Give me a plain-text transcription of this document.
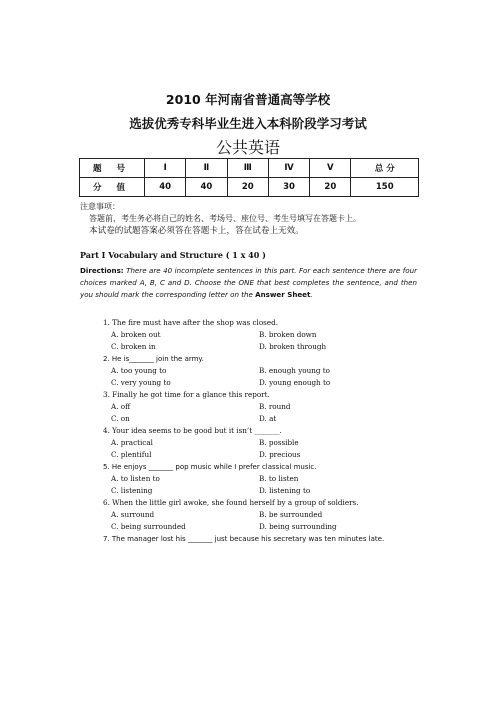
2010 年河南省普通高等学校
选拔优秀专科毕业生进入本科阶段学习考试
公共英语
题 号	Ⅰ	Ⅱ	Ⅲ	Ⅳ	Ⅴ	总 分
分 值	40	40	20	30	20	150
注意事项：
答题前，考生务必将自己的姓名、考场号、座位号、考生号填写在答题卡上。
本试卷的试题答案必须答在答题卡上，答在试卷上无效。
Part Ⅰ Vocabulary and Structure ( 1 x 40 )
Directions: There are 40 incomplete sentences in this part. For each sentence there are four choices marked A, B, C and D. Choose the ONE that best completes the sentence, and then you should mark the corresponding letter on the Answer Sheet.
1. The fire must have after the shop was closed.
A. broken out	B. broken down
C. broken in	D. broken through
2. He is_______ join the army.
A. too young to	B. enough young to
C. very young to	D. young enough to
3. Finally he got time for a glance this report.
A. off	B. round
C. on	D. at
4. Your idea seems to be good but it isn’t _______.
A. practical	B. possible
C. plentiful	D. precious
5. He enjoys _______ pop music while I prefer classical music.
A. to listen to	B. to listen
C. listening	D. listening to
6. When the little girl awoke, she found herself by a group of soldiers.
A. surround	B. be surrounded
C. being surrounded	D. being surrounding
7. The manager lost his _______ just because his secretary was ten minutes late.
